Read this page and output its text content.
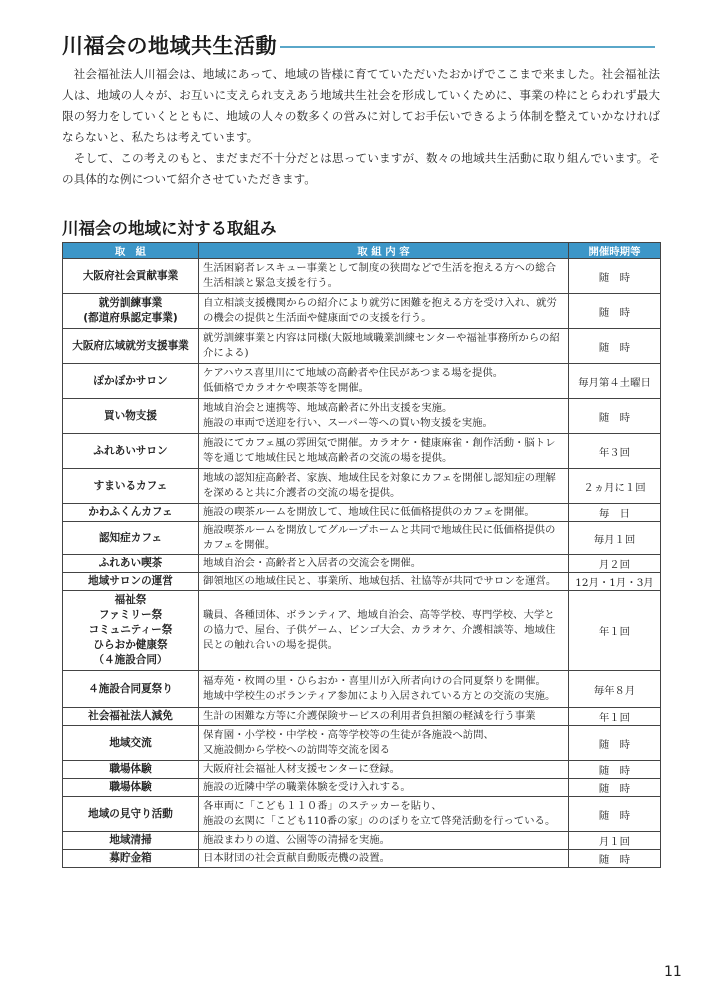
川福会の地域共生活動

社会福祉法人川福会は、地域にあって、地域の皆様に育てていただいたおかげでここまで来ました。社会福祉法人は、地域の人々が、お互いに支えられ支えあう地域共生社会を形成していくために、事業の枠にとらわれず最大限の努力をしていくとともに、地域の人々の数多くの営みに対してお手伝いできるよう体制を整えていかなければならないと、私たちは考えています。

そして、この考えのもと、まだまだ不十分だとは思っていますが、数々の地域共生活動に取り組んでいます。その具体的な例について紹介させていただきます。

川福会の地域に対する取組み
取　組	取 組 内 容	開催時期等
大阪府社会貢献事業	生活困窮者レスキュー事業として制度の狭間などで生活を抱える方への総合生活相談と緊急支援を行う。	随　時
就労訓練事業
(都道府県認定事業)	自立相談支援機関からの紹介により就労に困難を抱える方を受け入れ、就労の機会の提供と生活面や健康面での支援を行う。	随　時
大阪府広域就労支援事業	就労訓練事業と内容は同様(大阪地域職業訓練センターや福祉事務所からの紹介による)	随　時
ぽかぽかサロン	ケアハウス喜里川にて地域の高齢者や住民があつまる場を提供。
低価格でカラオケや喫茶等を開催。	毎月第４土曜日
買い物支援	地域自治会と連携等、地域高齢者に外出支援を実施。
施設の車両で送迎を行い、スーパー等への買い物支援を実施。	随　時
ふれあいサロン	施設にてカフェ風の雰囲気で開催。カラオケ・健康麻雀・創作活動・脳トレ等を通じて地域住民と地域高齢者の交流の場を提供。	年３回
すまいるカフェ	地域の認知症高齢者、家族、地域住民を対象にカフェを開催し認知症の理解を深めると共に介護者の交流の場を提供。	２ヵ月に１回
かわふくんカフェ	施設の喫茶ルームを開放して、地域住民に低価格提供のカフェを開催。	毎　日
認知症カフェ	施設喫茶ルームを開放してグループホームと共同で地域住民に低価格提供のカフェを開催。	毎月１回
ふれあい喫茶	地域自治会・高齢者と入居者の交流会を開催。	月２回
地域サロンの運営	御領地区の地域住民と、事業所、地域包括、社協等が共同でサロンを運営。	12月・1月・3月
福祉祭
ファミリー祭
コミュニティー祭
ひらおか健康祭
（４施設合同）	職員、各種団体、ボランティア、地域自治会、高等学校、専門学校、大学との協力で、屋台、子供ゲーム、ビンゴ大会、カラオケ、介護相談等、地域住民との触れ合いの場を提供。	年１回
４施設合同夏祭り	福寿苑・枚岡の里・ひらおか・喜里川が入所者向けの合同夏祭りを開催。
地域中学校生のボランティア参加により入居されている方との交流の実施。	毎年８月
社会福祉法人減免	生計の困難な方等に介護保険サービスの利用者負担額の軽減を行う事業	年１回
地域交流	保育園・小学校・中学校・高等学校等の生徒が各施設へ訪問、
又施設側から学校への訪問等交流を図る	随　時
職場体験	大阪府社会福祉人材支援センターに登録。	随　時
職場体験	施設の近隣中学の職業体験を受け入れする。	随　時
地域の見守り活動	各車両に「こども１１０番」のステッカーを貼り、
施設の玄関に「こども110番の家」ののぼりを立て啓発活動を行っている。	随　時
地域清掃	施設まわりの道、公園等の清掃を実施。	月１回
募貯金箱	日本財団の社会貢献自動販売機の設置。	随　時
11
